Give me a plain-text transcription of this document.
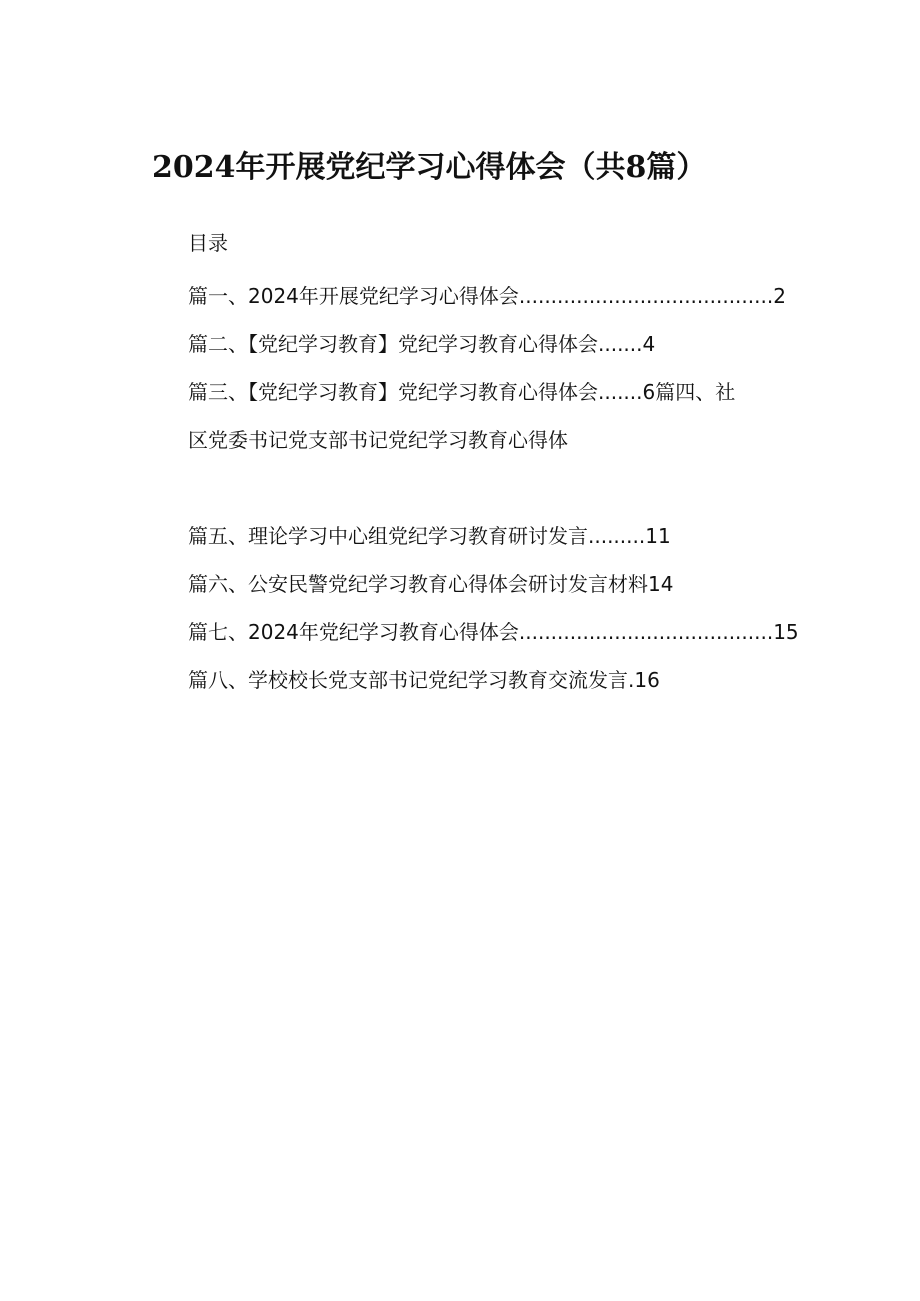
2024年开展党纪学习心得体会（共8篇）
目录
篇一、2024年开展党纪学习心得体会........................................2
篇二、【党纪学习教育】党纪学习教育心得体会.......4
篇三、【党纪学习教育】党纪学习教育心得体会.......6篇四、社
区党委书记党支部书记党纪学习教育心得体
篇五、理论学习中心组党纪学习教育研讨发言.........11
篇六、公安民警党纪学习教育心得体会研讨发言材料14
篇七、2024年党纪学习教育心得体会........................................15
篇八、学校校长党支部书记党纪学习教育交流发言.16
